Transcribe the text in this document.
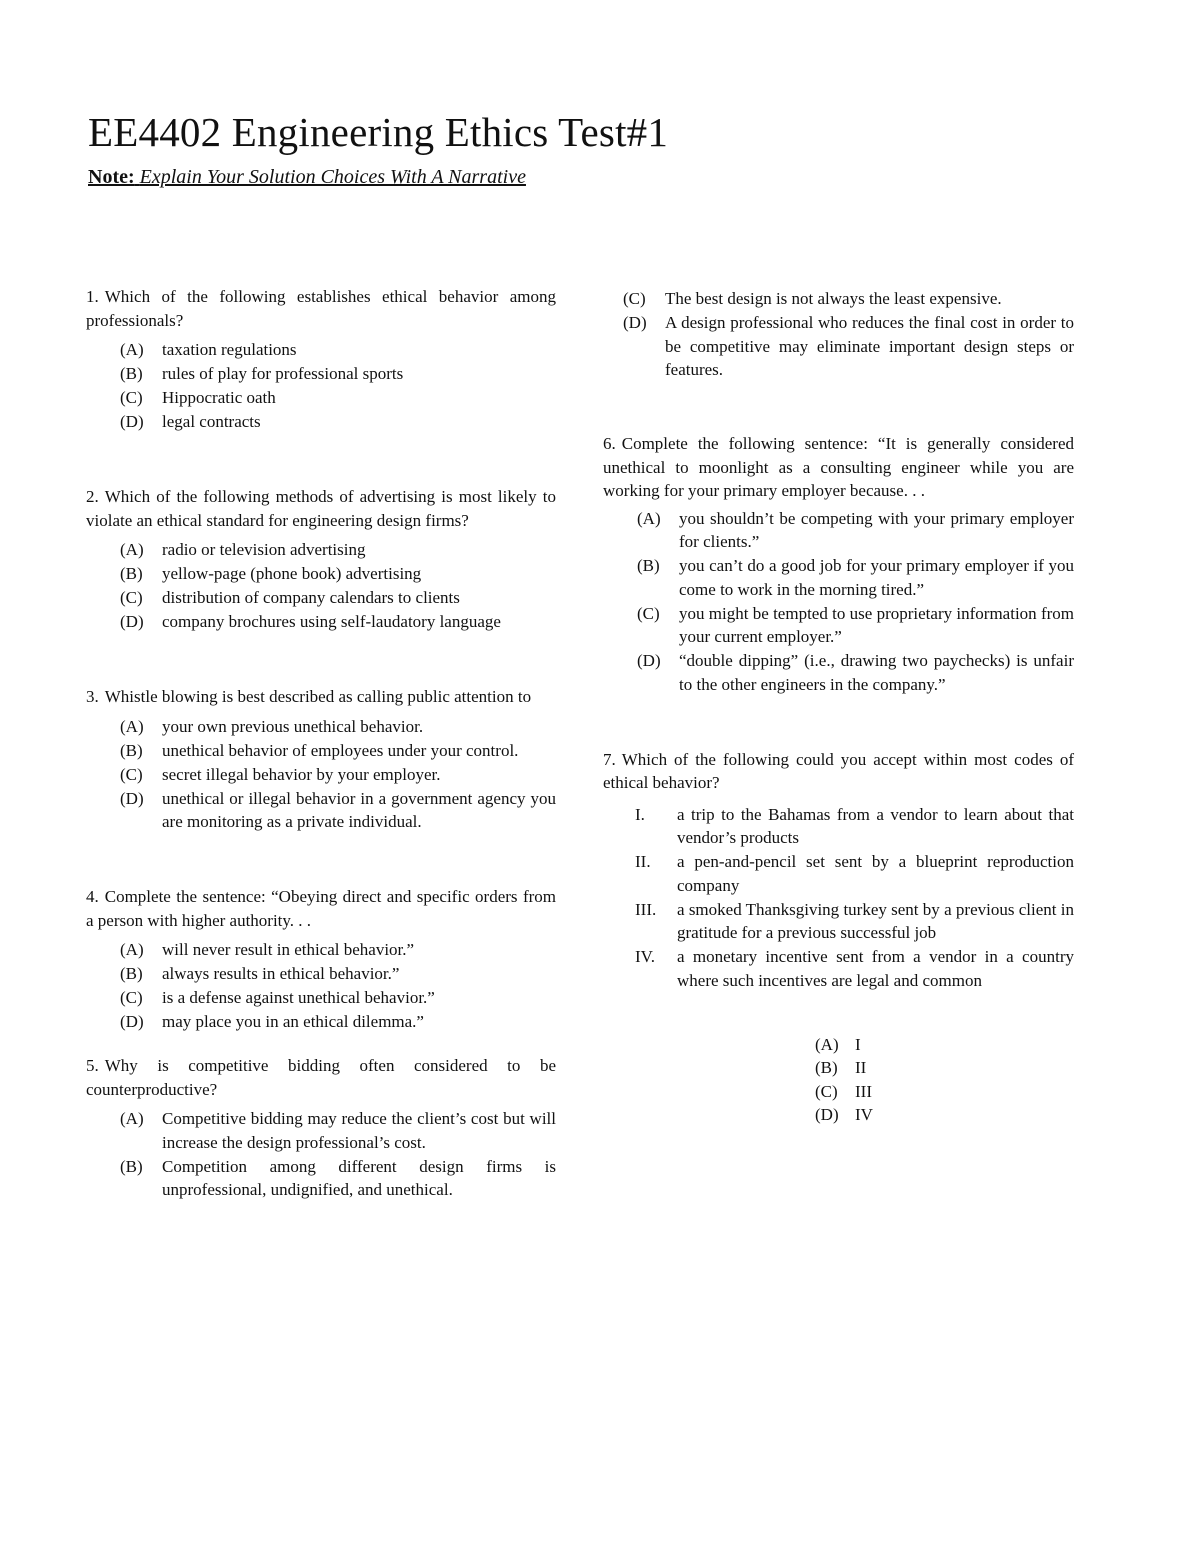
EE4402 Engineering Ethics Test#1
Note: Explain Your Solution Choices With A Narrative

1. Which of the following establishes ethical behavior among professionals?

(A)	taxation regulations
(B)	rules of play for professional sports
(C)	Hippocratic oath
(D)	legal contracts

2. Which of the following methods of advertising is most likely to violate an ethical standard for engineering design firms?

(A)	radio or television advertising
(B)	yellow-page (phone book) advertising
(C)	distribution of company calendars to clients
(D)	company brochures using self-laudatory language

3. Whistle blowing is best described as calling public attention to

(A)	your own previous unethical behavior.
(B)	unethical behavior of employees under your control.
(C)	secret illegal behavior by your employer.
(D)	unethical or illegal behavior in a government agency you are monitoring as a private individual.

4. Complete the sentence: “Obeying direct and specific orders from a person with higher authority. . .

(A)	will never result in ethical behavior.”
(B)	always results in ethical behavior.”
(C)	is a defense against unethical behavior.”
(D)	may place you in an ethical dilemma.”

5. Why is competitive bidding often considered to be counterproductive?

(A)	Competitive bidding may reduce the client’s cost but will increase the design professional’s cost.
(B)	Competition among different design firms is unprofessional, undignified, and unethical.
(C)	The best design is not always the least expensive.
(D)	A design professional who reduces the final cost in order to be competitive may eliminate important design steps or features.

6. Complete the following sentence: “It is generally considered unethical to moonlight as a consulting engineer while you are working for your primary employer because. . .

(A)	you shouldn’t be competing with your primary employer for clients.”
(B)	you can’t do a good job for your primary employer if you come to work in the morning tired.”
(C)	you might be tempted to use proprietary information from your current employer.”
(D)	“double dipping” (i.e., drawing two paychecks) is unfair to the other engineers in the company.”

7. Which of the following could you accept within most codes of ethical behavior?

I.	a trip to the Bahamas from a vendor to learn about that vendor’s products
II.	a pen-and-pencil set sent by a blueprint reproduction company
III.	a smoked Thanksgiving turkey sent by a previous client in gratitude for a previous successful job
IV.	a monetary incentive sent from a vendor in a country where such incentives are legal and common
(A) I
(B)	II
(C)	III
(D) IV
